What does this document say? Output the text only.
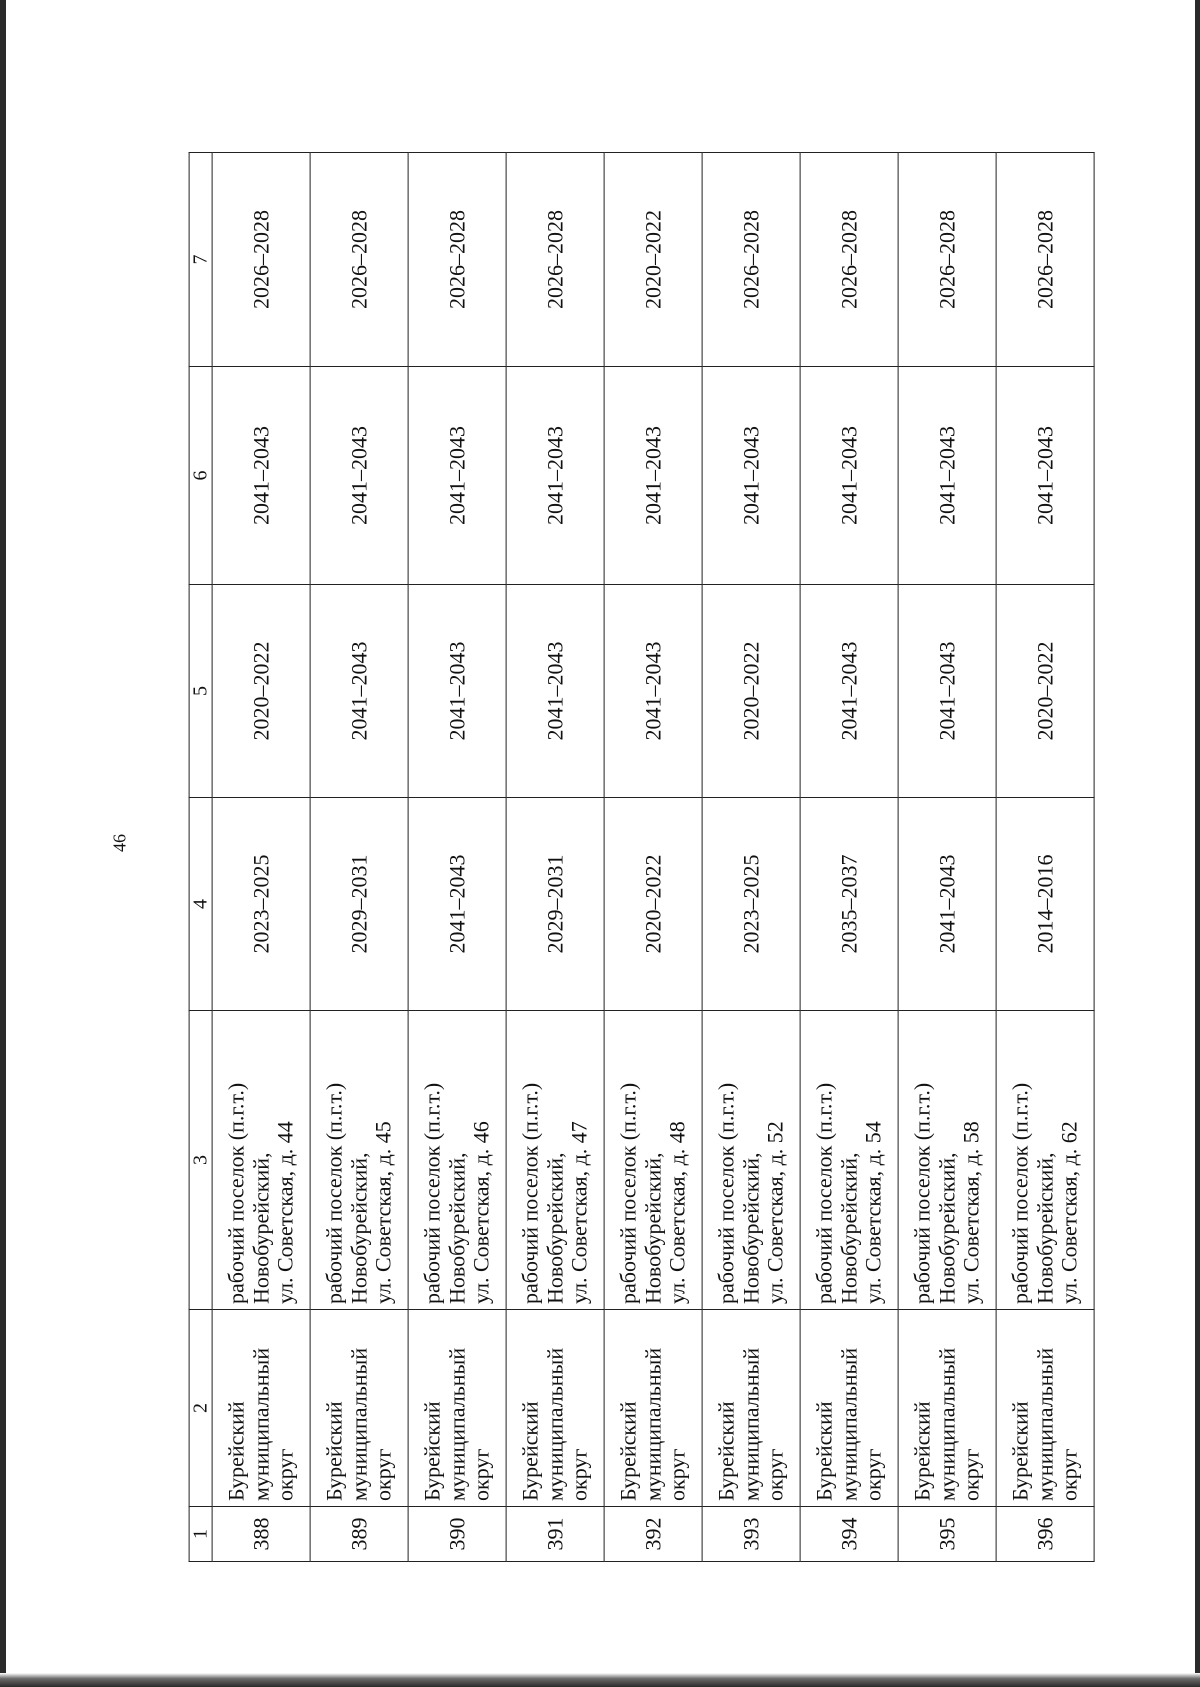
46
1	2	3	4	5	6	7
388	Бурейский муниципальный округ	рабочий поселок (п.г.т.) Новобурейский, ул. Советская, д. 44	2023–2025	2020–2022	2041–2043	2026–2028
389	Бурейский муниципальный округ	рабочий поселок (п.г.т.) Новобурейский, ул. Советская, д. 45	2029–2031	2041–2043	2041–2043	2026–2028
390	Бурейский муниципальный округ	рабочий поселок (п.г.т.) Новобурейский, ул. Советская, д. 46	2041–2043	2041–2043	2041–2043	2026–2028
391	Бурейский муниципальный округ	рабочий поселок (п.г.т.) Новобурейский, ул. Советская, д. 47	2029–2031	2041–2043	2041–2043	2026–2028
392	Бурейский муниципальный округ	рабочий поселок (п.г.т.) Новобурейский, ул. Советская, д. 48	2020–2022	2041–2043	2041–2043	2020–2022
393	Бурейский муниципальный округ	рабочий поселок (п.г.т.) Новобурейский, ул. Советская, д. 52	2023–2025	2020–2022	2041–2043	2026–2028
394	Бурейский муниципальный округ	рабочий поселок (п.г.т.) Новобурейский, ул. Советская, д. 54	2035–2037	2041–2043	2041–2043	2026–2028
395	Бурейский муниципальный округ	рабочий поселок (п.г.т.) Новобурейский, ул. Советская, д. 58	2041–2043	2041–2043	2041–2043	2026–2028
396	Бурейский муниципальный округ	рабочий поселок (п.г.т.) Новобурейский, ул. Советская, д. 62	2014–2016	2020–2022	2041–2043	2026–2028
